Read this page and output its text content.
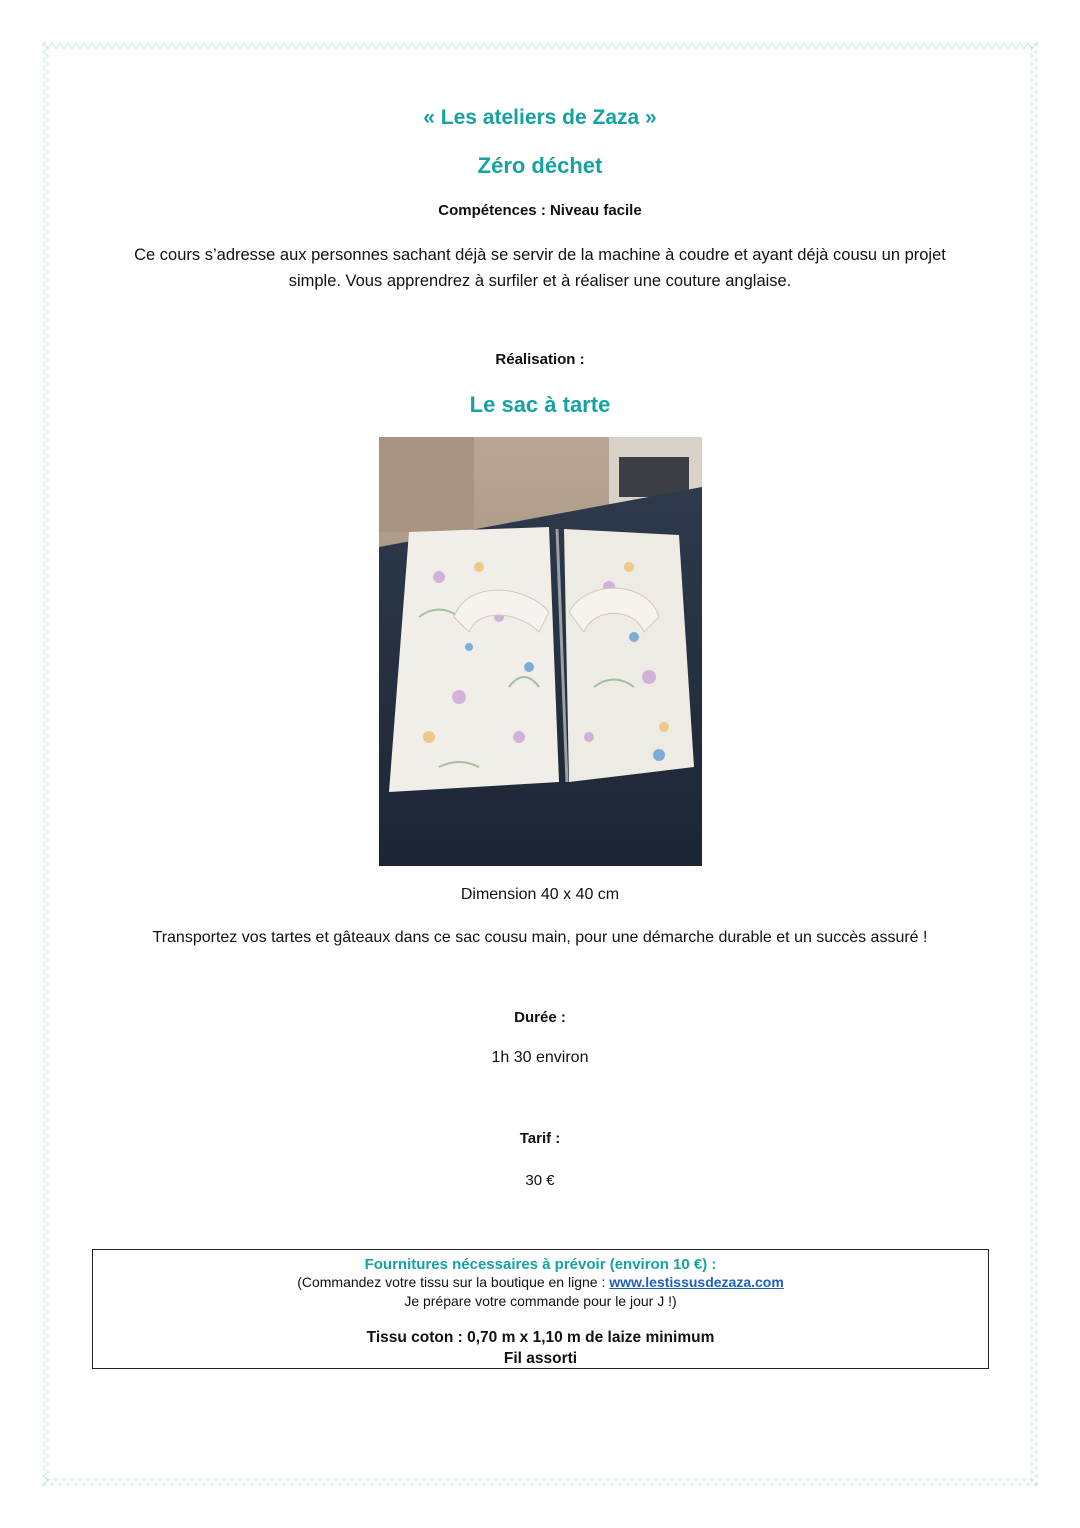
« Les ateliers de Zaza »
Zéro déchet
Compétences : Niveau facile
Ce cours s’adresse aux personnes sachant déjà se servir de la machine à coudre et ayant déjà cousu un projet simple. Vous apprendrez à surfiler et à réaliser une couture anglaise.
Réalisation :
Le sac à tarte
Dimension 40 x 40 cm
Transportez vos tartes et gâteaux dans ce sac cousu main, pour une démarche durable et un succès assuré !
Durée :
1h 30 environ
Tarif :
30 €
Fournitures nécessaires à prévoir (environ 10 €) :
(Commandez votre tissu sur la boutique en ligne : www.lestissusdezaza.com
Je prépare votre commande pour le jour J !)
Tissu coton : 0,70 m x 1,10 m de laize minimum
Fil assorti
